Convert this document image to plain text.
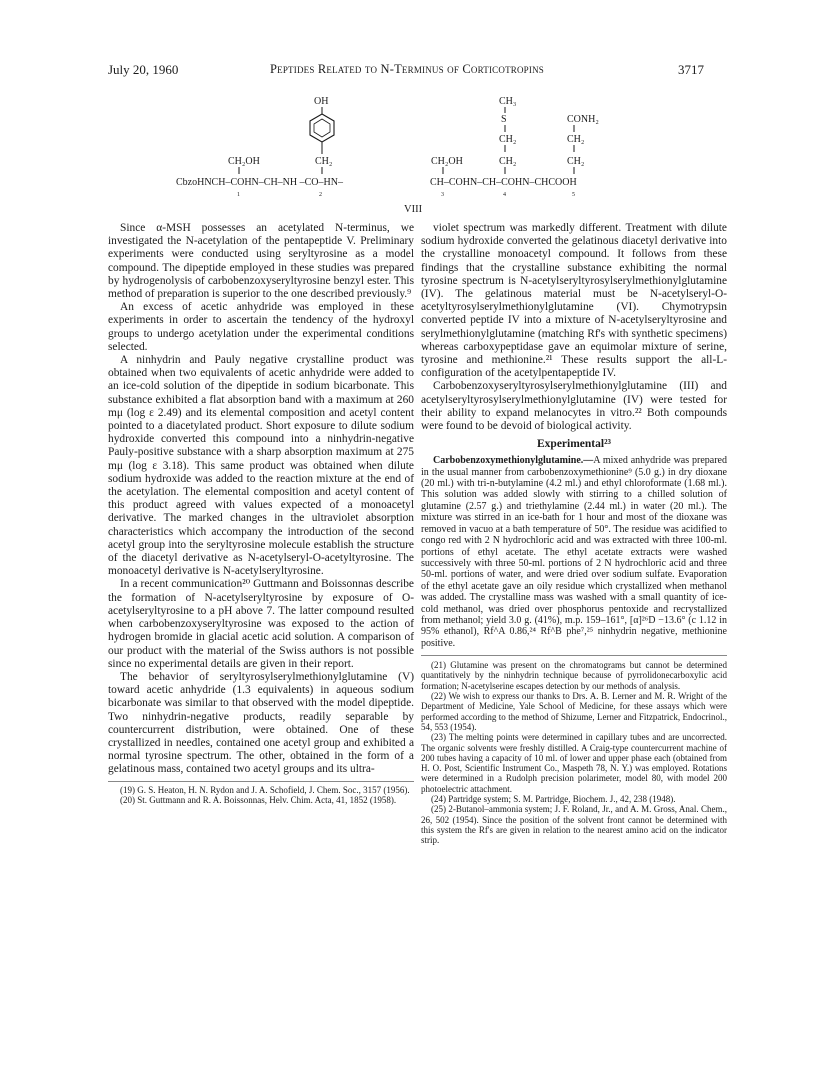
July 20, 1960	Peptides Related to N-Terminus of Corticotropins	3717
OH	CH₃
S
CH₂
CONH₂
CH₂
CH₂OH	CH₂	CH₂OH	CH₂	CH₂
CbzoHNCH–COHN–CH–NH –CO–HN–	CH–COHN–CH–COHN–CHCOOH
1	2	3	4	5
VIII

Since α-MSH possesses an acetylated N-terminus, we investigated the N-acetylation of the pentapeptide V. Preliminary experiments were conducted using seryltyrosine as a model compound. The dipeptide employed in these studies was prepared by hydrogenolysis of carbobenzoxyseryltyrosine benzyl ester. This method of preparation is superior to the one described previously.⁹

An excess of acetic anhydride was employed in these experiments in order to ascertain the tendency of the hydroxyl groups to undergo acetylation under the experimental conditions selected.

A ninhydrin and Pauly negative crystalline product was obtained when two equivalents of acetic anhydride were added to an ice-cold solution of the dipeptide in sodium bicarbonate. This substance exhibited a flat absorption band with a maximum at 260 mμ (log ε 2.49) and its elemental composition and acetyl content pointed to a diacetylated product. Short exposure to dilute sodium hydroxide converted this compound into a ninhydrin-negative Pauly-positive substance with a sharp absorption maximum at 275 mμ (log ε 3.18). This same product was obtained when dilute sodium hydroxide was added to the reaction mixture at the end of the acetylation. The elemental composition and acetyl content of this product agreed with values expected of a monoacetyl derivative. The marked changes in the ultraviolet absorption characteristics which accompany the introduction of the second acetyl group into the seryltyrosine molecule establish the structure of the diacetyl derivative as N-acetylseryl-O-acetyltyrosine. The monoacetyl derivative is N-acetylseryltyrosine.

In a recent communication²⁰ Guttmann and Boissonnas describe the formation of N-acetylseryltyrosine by exposure of O-acetylseryltyrosine to a pH above 7. The latter compound resulted when carbobenzoxyseryltyrosine was exposed to the action of hydrogen bromide in glacial acetic acid solution. A comparison of our product with the material of the Swiss authors is not possible since no experimental details are given in their report.

The behavior of seryltyrosylserylmethionylglutamine (V) toward acetic anhydride (1.3 equivalents) in aqueous sodium bicarbonate was similar to that observed with the model dipeptide. Two ninhydrin-negative products, readily separable by countercurrent distribution, were obtained. One of these crystallized in needles, contained one acetyl group and exhibited a normal tyrosine spectrum. The other, obtained in the form of a gelatinous mass, contained two acetyl groups and its ultra-

(19) G. S. Heaton, H. N. Rydon and J. A. Schofield, J. Chem. Soc., 3157 (1956).

(20) St. Guttmann and R. A. Boissonnas, Helv. Chim. Acta, 41, 1852 (1958).

violet spectrum was markedly different. Treatment with dilute sodium hydroxide converted the gelatinous diacetyl derivative into the crystalline monoacetyl compound. It follows from these findings that the crystalline substance exhibiting the normal tyrosine spectrum is N-acetylseryltyrosylserylmethionylglutamine (IV). The gelatinous material must be N-acetylseryl-O-acetyltyrosylserylmethionylglutamine (VI). Chymotrypsin converted peptide IV into a mixture of N-acetylseryltyrosine and serylmethionylglutamine (matching Rf's with synthetic specimens) whereas carboxypeptidase gave an equimolar mixture of serine, tyrosine and methionine.²¹ These results support the all-L-configuration of the acetylpentapeptide IV.

Carbobenzoxyseryltyrosylserylmethionylglutamine (III) and acetylseryltyrosylserylmethionylglutamine (IV) were tested for their ability to expand melanocytes in vitro.²² Both compounds were found to be devoid of biological activity.

Experimental²³

Carbobenzoxymethionylglutamine.—A mixed anhydride was prepared in the usual manner from carbobenzoxymethionine⁹ (5.0 g.) in dry dioxane (20 ml.) with tri-n-butylamine (4.2 ml.) and ethyl chloroformate (1.68 ml.). This solution was added slowly with stirring to a chilled solution of glutamine (2.57 g.) and triethylamine (2.44 ml.) in water (20 ml.). The mixture was stirred in an ice-bath for 1 hour and most of the dioxane was removed in vacuo at a bath temperature of 50°. The residue was acidified to congo red with 2 N hydrochloric acid and was extracted with three 100-ml. portions of ethyl acetate. The ethyl acetate extracts were washed successively with three 50-ml. portions of 2 N hydrochloric acid and three 50-ml. portions of water, and were dried over sodium sulfate. Evaporation of the ethyl acetate gave an oily residue which crystallized when methanol was added. The crystalline mass was washed with a small quantity of ice-cold methanol, was dried over phosphorus pentoxide and recrystallized from methanol; yield 3.0 g. (41%), m.p. 159–161°, [α]²⁶D −13.6° (c 1.12 in 95% ethanol), Rf^A 0.86,²⁴ Rf^B phe⁷,²⁵ ninhydrin negative, methionine positive.

(21) Glutamine was present on the chromatograms but cannot be determined quantitatively by the ninhydrin technique because of pyrrolidonecarboxylic acid formation; N-acetylserine escapes detection by our methods of analysis.

(22) We wish to express our thanks to Drs. A. B. Lerner and M. R. Wright of the Department of Medicine, Yale School of Medicine, for these assays which were performed according to the method of Shizume, Lerner and Fitzpatrick, Endocrinol., 54, 553 (1954).

(23) The melting points were determined in capillary tubes and are uncorrected. The organic solvents were freshly distilled. A Craig-type countercurrent machine of 200 tubes having a capacity of 10 ml. of lower and upper phase each (obtained from H. O. Post, Scientific Instrument Co., Maspeth 78, N. Y.) was employed. Rotations were determined in a Rudolph precision polarimeter, model 80, with model 200 photoelectric attachment.

(24) Partridge system; S. M. Partridge, Biochem. J., 42, 238 (1948).

(25) 2-Butanol–ammonia system; J. F. Roland, Jr., and A. M. Gross, Anal. Chem., 26, 502 (1954). Since the position of the solvent front cannot be determined with this system the Rf's are given in relation to the nearest amino acid on the indicator strip.
